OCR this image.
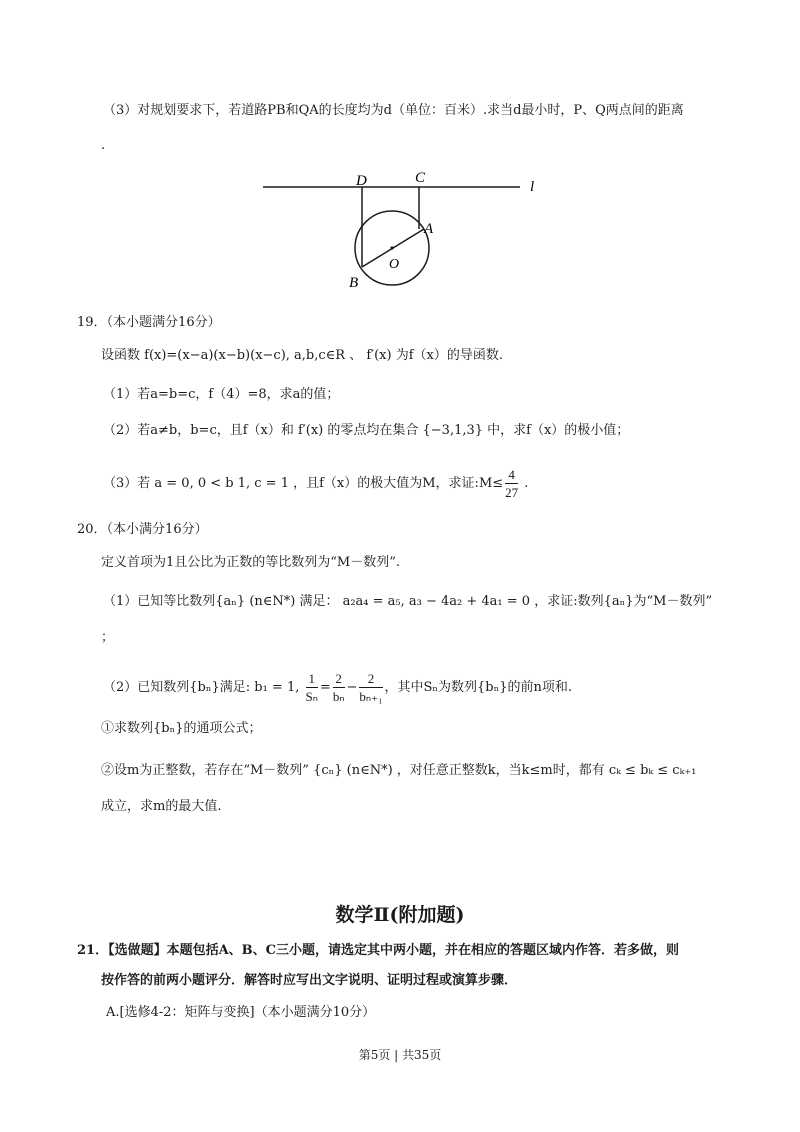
（3）对规划要求下，若道路PB和QA的长度均为d（单位：百米）.求当d最小时，P、Q两点间的距离
.
D	C
l
A
O
B
19．（本小题满分16分）
设函数 f(x)=(x−a)(x−b)(x−c), a,b,c∈R 、 f′(x) 为f（x）的导函数.
（1）若a=b=c，f（4）=8，求a的值；
（2）若a≠b，b=c，且f（x）和 f′(x) 的零点均在集合 {−3,1,3} 中，求f（x）的极小值；
（3）若 a = 0, 0 < b 1, c = 1 ，且f（x）的极大值为M，求证:M≤ $\frac{4}{27}$ .
20．（本小满分16分）
定义首项为1且公比为正数的等比数列为“M－数列”.
（1）已知等比数列{aₙ} (n∈N*) 满足： a₂a₄ = a₅, a₃ − 4a₂ + 4a₁ = 0 ，求证:数列{aₙ}为“M－数列”
；
（2）已知数列{bₙ}满足: b₁ = 1, $\frac{1}{\text{Sₙ}} = \frac{2}{\text{bₙ}} - \frac{2}{\text{bₙ₊₁}}$ ，其中Sₙ为数列{bₙ}的前n项和.
①求数列{bₙ}的通项公式；
②设m为正整数，若存在“M－数列” {cₙ} (n∈N*) ，对任意正整数k，当k≤m时，都有 cₖ ≤ bₖ ≤ cₖ₊₁
成立，求m的最大值.
数学Ⅱ(附加题)
21．【选做题】本题包括A、B、C三小题，请选定其中两小题，并在相应的答题区域内作答．若多做，则
按作答的前两小题评分．解答时应写出文字说明、证明过程或演算步骤．
A.[选修4-2：矩阵与变换]（本小题满分10分）
第5页 | 共35页
